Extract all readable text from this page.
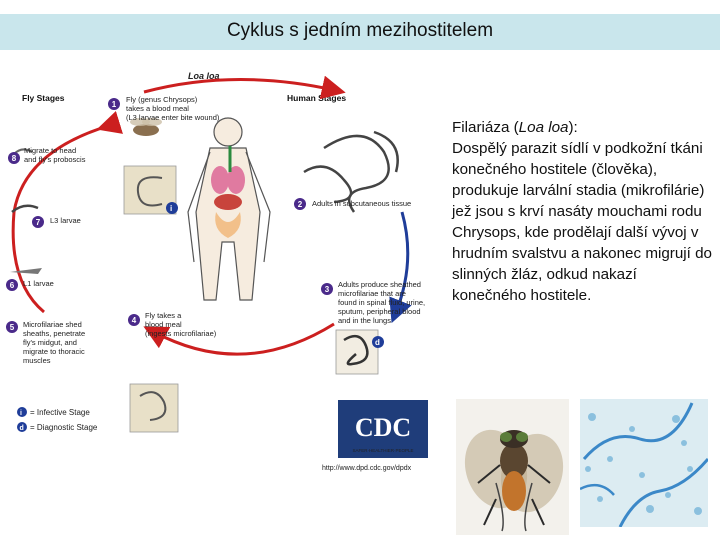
Cyklus s jedním mezihostitelem
Loa loa
Fly Stages	Human Stages
i
d
CDC
SAFER·HEALTHIER·PEOPLE
http://www.dpd.cdc.gov/dpdx
i = Infective Stage
d = Diagnostic Stage
1
Fly (genus Chrysops) takes a blood meal (L3 larvae enter bite wound)
2 Adults in subcutaneous tissue
3
Adults produce sheathed microfilariae that are found in spinal fluid, urine, sputum, peripheral blood and in the lungs
4
Fly takes a blood meal (ingests microfilariae)
5 Microfilariae shed sheaths, penetrate fly's midgut, and migrate to thoracic muscles
6 L1 larvae
7 L3 larvae
8
Migrate to head and fly's proboscis
Filariáza (Loa loa):
Dospělý parazit sídlí v podkožní tkáni konečného hostitele (člověka), produkuje larvální stadia (mikrofilárie) jež jsou s krví nasáty mouchami rodu Chrysops, kde prodělají další vývoj v hrudním svalstvu a nakonec migrují do slinných žláz, odkud nakazí konečného hostitele.
